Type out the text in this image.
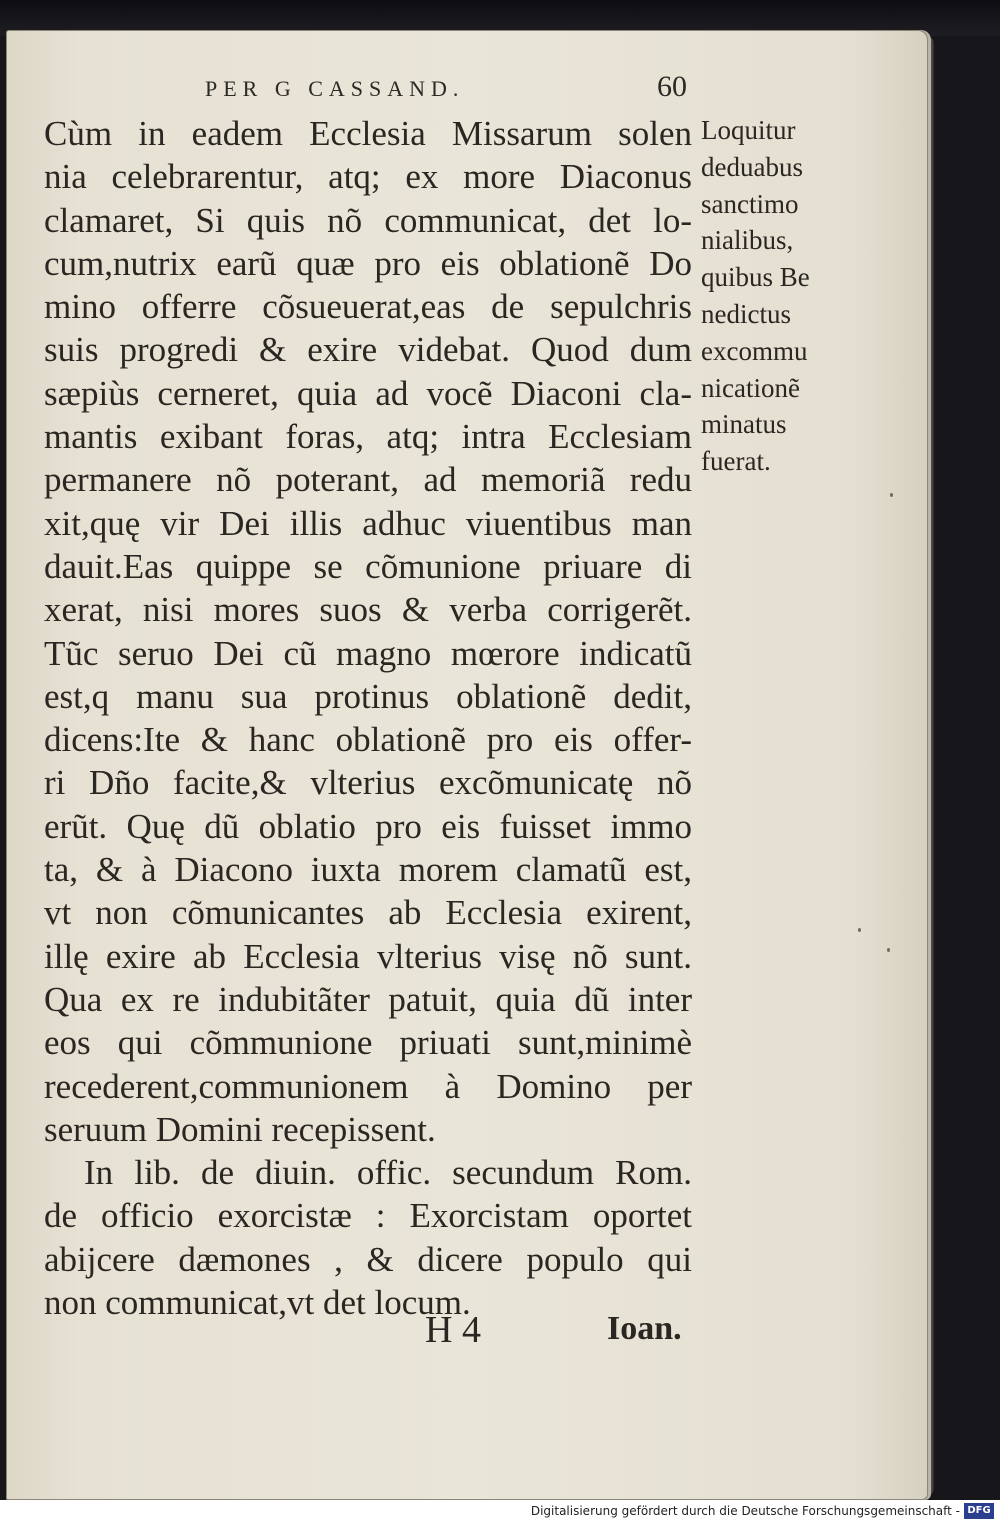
PER G CASSAND.	60
Cùm in eadem Ecclesia Missarum solen
nia celebrarentur, atq; ex more Diaconus
clamaret, Si quis nõ communicat, det lo-
cum,nutrix earũ quæ pro eis oblationẽ Do
mino offerre cõsueuerat,eas de sepulchris
suis progredi & exire videbat. Quod dum
sæpiùs cerneret, quia ad vocẽ Diaconi cla-
mantis exibant foras, atq; intra Ecclesiam
permanere nõ poterant, ad memoriã redu
xit,quę vir Dei illis adhuc viuentibus man
dauit.Eas quippe se cõmunione priuare di
xerat, nisi mores suos & verba corrigerẽt.
Tũc seruo Dei cũ magno mœrore indicatũ
est,q manu sua protinus oblationẽ dedit,
dicens:Ite & hanc oblationẽ pro eis offer-
ri Dño facite,& vlterius excõmunicatę nõ
erũt. Quę dũ oblatio pro eis fuisset immo
ta, & à Diacono iuxta morem clamatũ est,
vt non cõmunicantes ab Ecclesia exirent,
illę exire ab Ecclesia vlterius visę nõ sunt.
Qua ex re indubitãter patuit, quia dũ inter
eos qui cõmmunione priuati sunt,minimè
recederent,communionem à Domino per
seruum Domini recepissent.
In lib. de diuin. offic. secundum Rom.
de officio exorcistæ : Exorcistam oportet
abijcere dæmones , & dicere populo qui
non communicat,vt det locum.
Loquitur
deduabus
sanctimo
nialibus,
quibus Be
nedictus
excommu
nicationẽ
minatus
fuerat.
H 4	Ioan.
Digitalisierung gefördert durch die Deutsche Forschungsgemeinschaft - DFG
